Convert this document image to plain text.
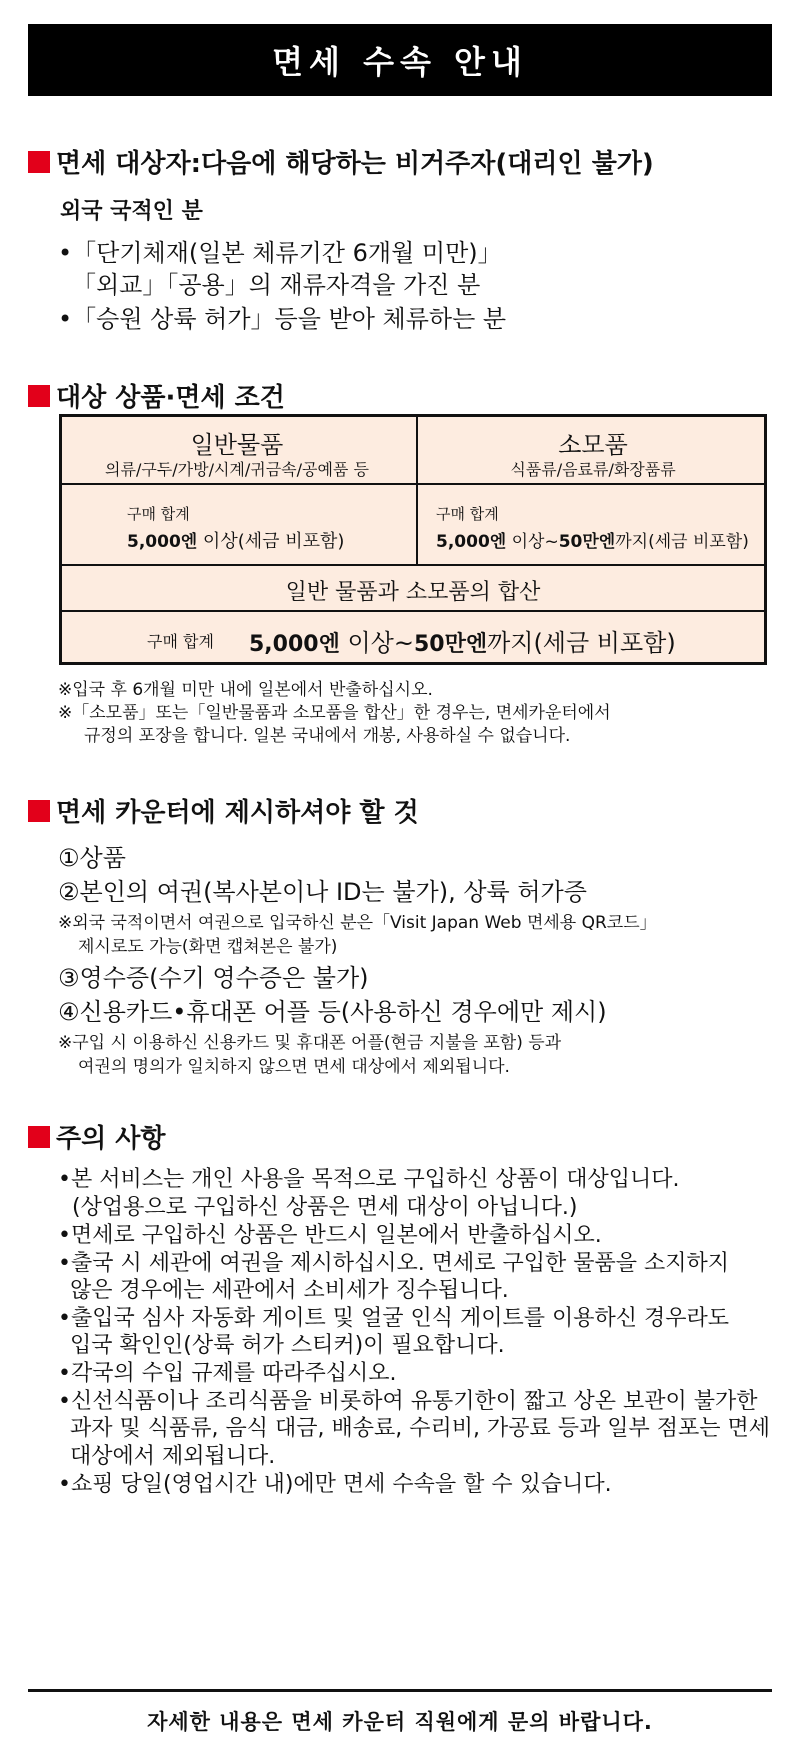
면세 수속 안내
면세 대상자:다음에 해당하는 비거주자(대리인 불가)
외국 국적인 분
•「단기체재(일본 체류기간 6개월 미만)」
「외교」「공용」의 재류자격을 가진 분
•「승원 상륙 허가」등을 받아 체류하는 분
대상 상품·면세 조건
일반물품
의류/구두/가방/시계/귀금속/공예품 등
구매 합계
5,000엔 이상(세금 비포함)
소모품
식품류/음료류/화장품류
구매 합계
5,000엔 이상~50만엔까지(세금 비포함)
일반 물품과 소모품의 합산
구매 합계 5,000엔 이상~50만엔까지(세금 비포함)
※입국 후 6개월 미만 내에 일본에서 반출하십시오.
※「소모품」또는「일반물품과 소모품을 합산」한 경우는, 면세카운터에서
규정의 포장을 합니다. 일본 국내에서 개봉, 사용하실 수 없습니다.
면세 카운터에 제시하셔야 할 것
①상품
②본인의 여권(복사본이나 ID는 불가), 상륙 허가증
※외국 국적이면서 여권으로 입국하신 분은「Visit Japan Web 면세용 QR코드」
제시로도 가능(화면 캡쳐본은 불가)
③영수증(수기 영수증은 불가)
④신용카드•휴대폰 어플 등(사용하신 경우에만 제시)
※구입 시 이용하신 신용카드 및 휴대폰 어플(현금 지불을 포함) 등과
여권의 명의가 일치하지 않으면 면세 대상에서 제외됩니다.
주의 사항
•본 서비스는 개인 사용을 목적으로 구입하신 상품이 대상입니다.
(상업용으로 구입하신 상품은 면세 대상이 아닙니다.)
•면세로 구입하신 상품은 반드시 일본에서 반출하십시오.
•출국 시 세관에 여권을 제시하십시오. 면세로 구입한 물품을 소지하지
않은 경우에는 세관에서 소비세가 징수됩니다.
•출입국 심사 자동화 게이트 및 얼굴 인식 게이트를 이용하신 경우라도
입국 확인인(상륙 허가 스티커)이 필요합니다.
•각국의 수입 규제를 따라주십시오.
•신선식품이나 조리식품을 비롯하여 유통기한이 짧고 상온 보관이 불가한
과자 및 식품류, 음식 대금, 배송료, 수리비, 가공료 등과 일부 점포는 면세
대상에서 제외됩니다.
•쇼핑 당일(영업시간 내)에만 면세 수속을 할 수 있습니다.
자세한 내용은 면세 카운터 직원에게 문의 바랍니다.
